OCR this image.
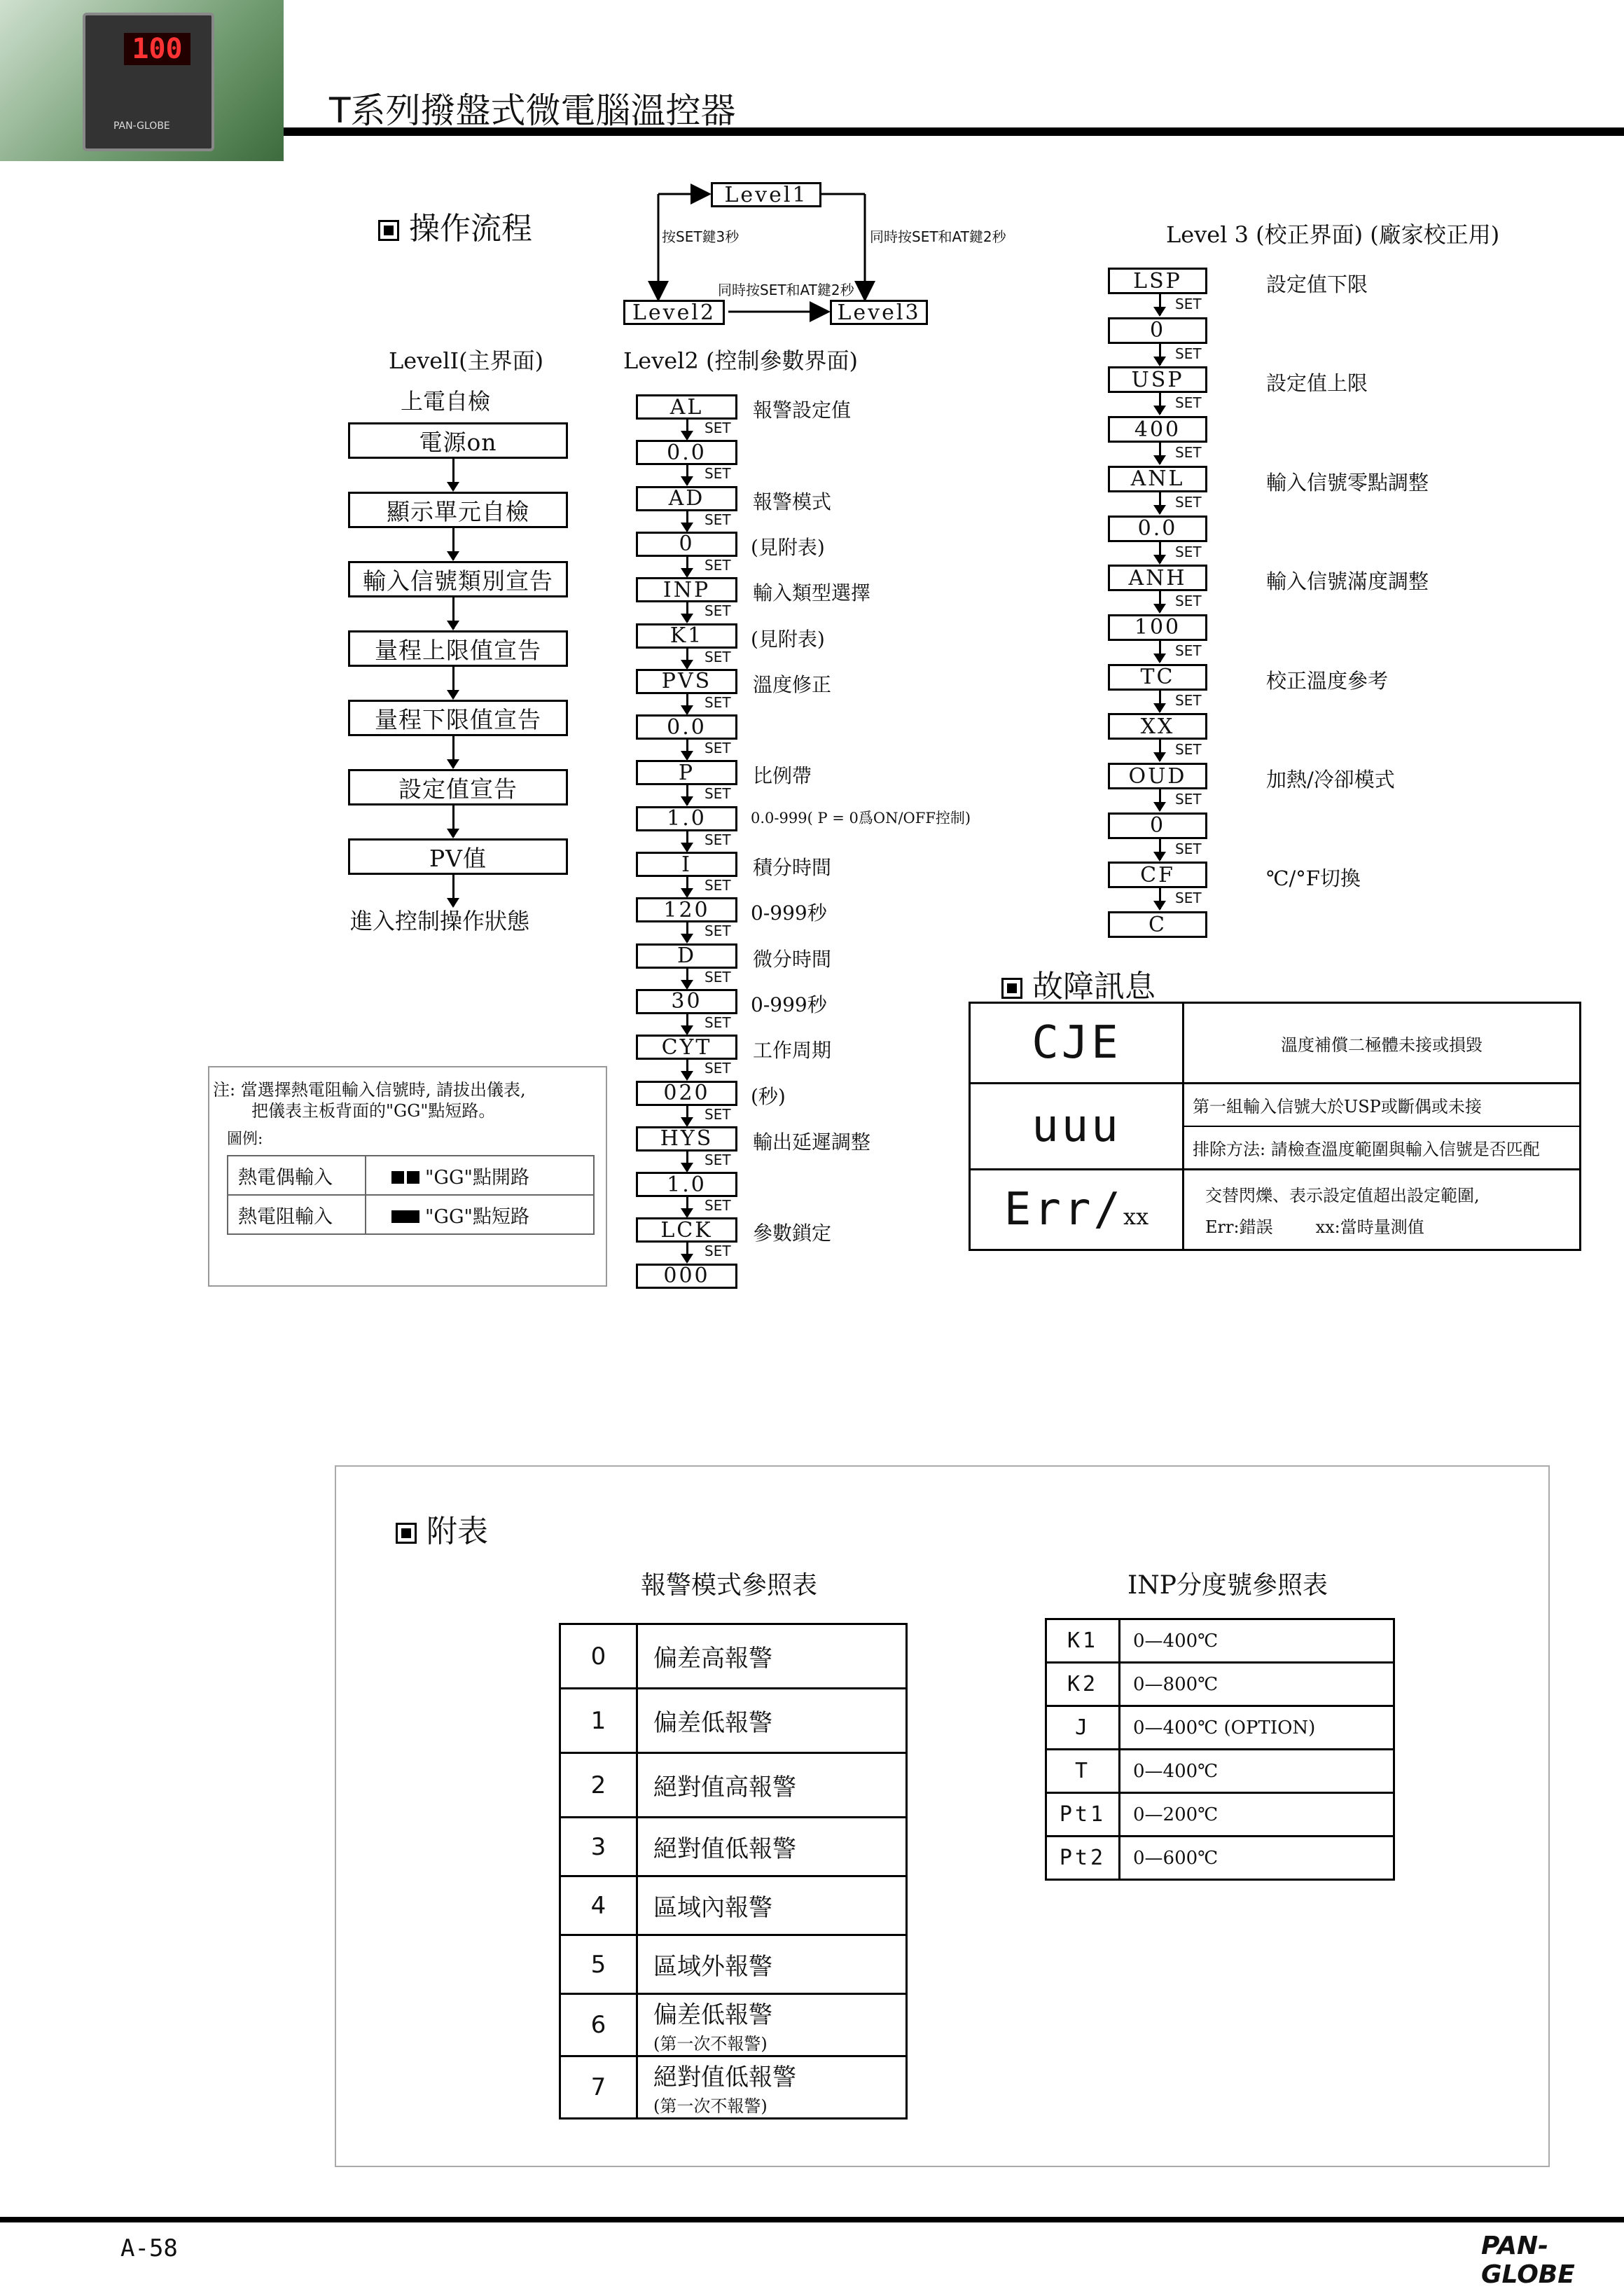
100
PAN-GLOBE	T系列撥盤式微電腦溫控器
操作流程
Level1
Level2	Level3
按SET鍵3秒	同時按SET和AT鍵2秒
同時按SET和AT鍵2秒
LevelI(主界面)
上電自檢
進入控制操作狀態
Level2 (控制參數界面)
Level 3 (校正界面) (廠家校正用)
注: 當選擇熱電阻輸入信號時, 請拔出儀表,
把儀表主板背面的"GG"點短路。
圖例:
熱電偶輸入	"GG"點開路
熱電阻輸入	"GG"點短路
故障訊息
CJE	溫度補償二極體未接或損毀
uuu	第一組輸入信號大於USP或斷偶或未接
排除方法: 請檢查溫度範圍與輸入信號是否匹配

Err/xx	交替閃爍、表示設定值超出設定範圍,
Err:錯誤        xx:當時量測值
附表
報警模式參照表	INP分度號參照表
0	偏差高報警

1	偏差低報警

2	絕對值高報警

3	絕對值低報警

4	區域內報警

5	區域外報警

6	偏差低報警
(第一次不報警)

7	絕對值低報警
(第一次不報警)
K1	0—400℃
K2	0—800℃
J	0—400℃ (OPTION)
T	0—400℃
Pt1	0—200℃
Pt2	0—600℃
A-58	PAN-GLOBE
電源on
顯示單元自檢
輸入信號類別宣告
量程上限值宣告
量程下限值宣告
設定值宣告
PV值
AL	報警設定值
SET
0.0
SET
AD	報警模式
SET
0	(見附表)
SET
INP	輸入類型選擇
SET
K1	(見附表)
SET
PVS	溫度修正
SET
0.0
SET
P	比例帶
SET
1.0	0.0-999( P = 0爲ON/OFF控制)
SET
I	積分時間
SET
120	0-999秒
SET
D	微分時間
SET
30	0-999秒
SET
CYT	工作周期
SET
020	(秒)
SET
HYS	輸出延遲調整
SET
1.0
SET
LCK	參數鎖定
SET
000
LSP	設定值下限
SET
0
SET
USP	設定值上限
SET
400
SET
ANL	輸入信號零點調整
SET
0.0
SET
ANH	輸入信號滿度調整
SET
100
SET
TC	校正溫度參考
SET
XX
SET
OUD	加熱/冷卻模式
SET
0
SET
CF	℃/°F切換
SET
C
